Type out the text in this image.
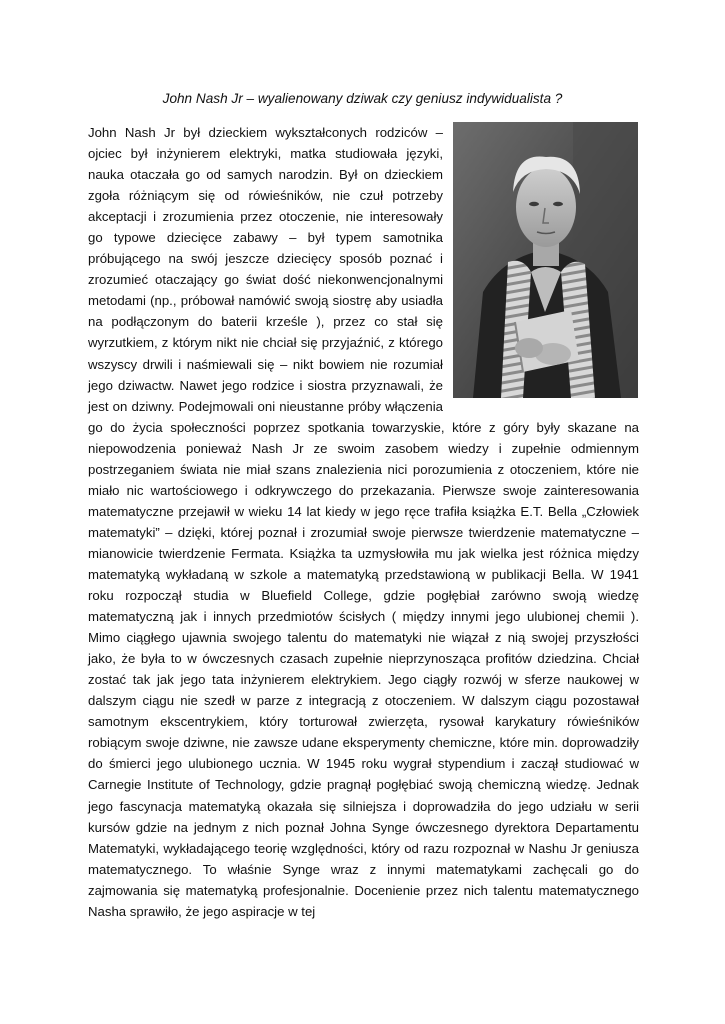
John Nash Jr – wyalienowany dziwak czy geniusz indywidualista ?

John Nash Jr był dzieckiem wykształconych rodziców – ojciec był inżynierem elektryki, matka studiowała języki, nauka otaczała go od samych narodzin. Był on dzieckiem zgoła różniącym się od rówieśników, nie czuł potrzeby akceptacji i zrozumienia przez otoczenie, nie interesowały go typowe dziecięce zabawy – był typem samotnika próbującego na swój jeszcze dziecięcy sposób poznać i zrozumieć otaczający go świat dość niekonwencjonalnymi metodami (np., próbował namówić swoją siostrę aby usiadła na podłączonym do baterii krześle ), przez co stał się wyrzutkiem, z którym nikt nie chciał się przyjaźnić, z którego wszyscy drwili i naśmiewali się – nikt bowiem nie rozumiał jego dziwactw. Nawet jego rodzice i siostra przyznawali, że jest on dziwny. Podejmowali oni nieustanne próby włączenia go do życia społeczności poprzez spotkania towarzyskie, które z góry były skazane na niepowodzenia ponieważ Nash Jr ze swoim zasobem wiedzy i zupełnie odmiennym postrzeganiem świata nie miał szans znalezienia nici porozumienia z otoczeniem, które nie miało nic wartościowego i odkrywczego do przekazania. Pierwsze swoje zainteresowania matematyczne przejawił w wieku 14 lat kiedy w jego ręce trafiła książka E.T. Bella „Człowiek matematyki” – dzięki, której poznał i zrozumiał swoje pierwsze twierdzenie matematyczne – mianowicie twierdzenie Fermata. Książka ta uzmysłowiła mu jak wielka jest różnica między matematyką wykładaną w szkole a matematyką przedstawioną w publikacji Bella. W 1941 roku rozpoczął studia w Bluefield College, gdzie pogłębiał zarówno swoją wiedzę matematyczną jak i innych przedmiotów ścisłych ( między innymi jego ulubionej chemii ). Mimo ciągłego ujawnia swojego talentu do matematyki nie wiązał z nią swojej przyszłości jako, że była to w ówczesnych czasach zupełnie nieprzynosząca profitów dziedzina. Chciał zostać tak jak jego tata inżynierem elektrykiem. Jego ciągły rozwój w sferze naukowej w dalszym ciągu nie szedł w parze z integracją z otoczeniem. W dalszym ciągu pozostawał samotnym ekscentrykiem, który torturował zwierzęta, rysował karykatury rówieśników robiącym swoje dziwne, nie zawsze udane eksperymenty chemiczne, które min. doprowadziły do śmierci jego ulubionego ucznia. W 1945 roku wygrał stypendium i zaczął studiować w Carnegie Institute of Technology, gdzie pragnął pogłębiać swoją chemiczną wiedzę. Jednak jego fascynacja matematyką okazała się silniejsza i doprowadziła do jego udziału w serii kursów gdzie na jednym z nich poznał Johna Synge ówczesnego dyrektora Departamentu Matematyki, wykładającego teorię względności, który od razu rozpoznał w Nashu Jr geniusza matematycznego. To właśnie Synge wraz z innymi matematykami zachęcali go do zajmowania się matematyką profesjonalnie. Docenienie przez nich talentu matematycznego Nasha sprawiło, że jego aspiracje w tej
